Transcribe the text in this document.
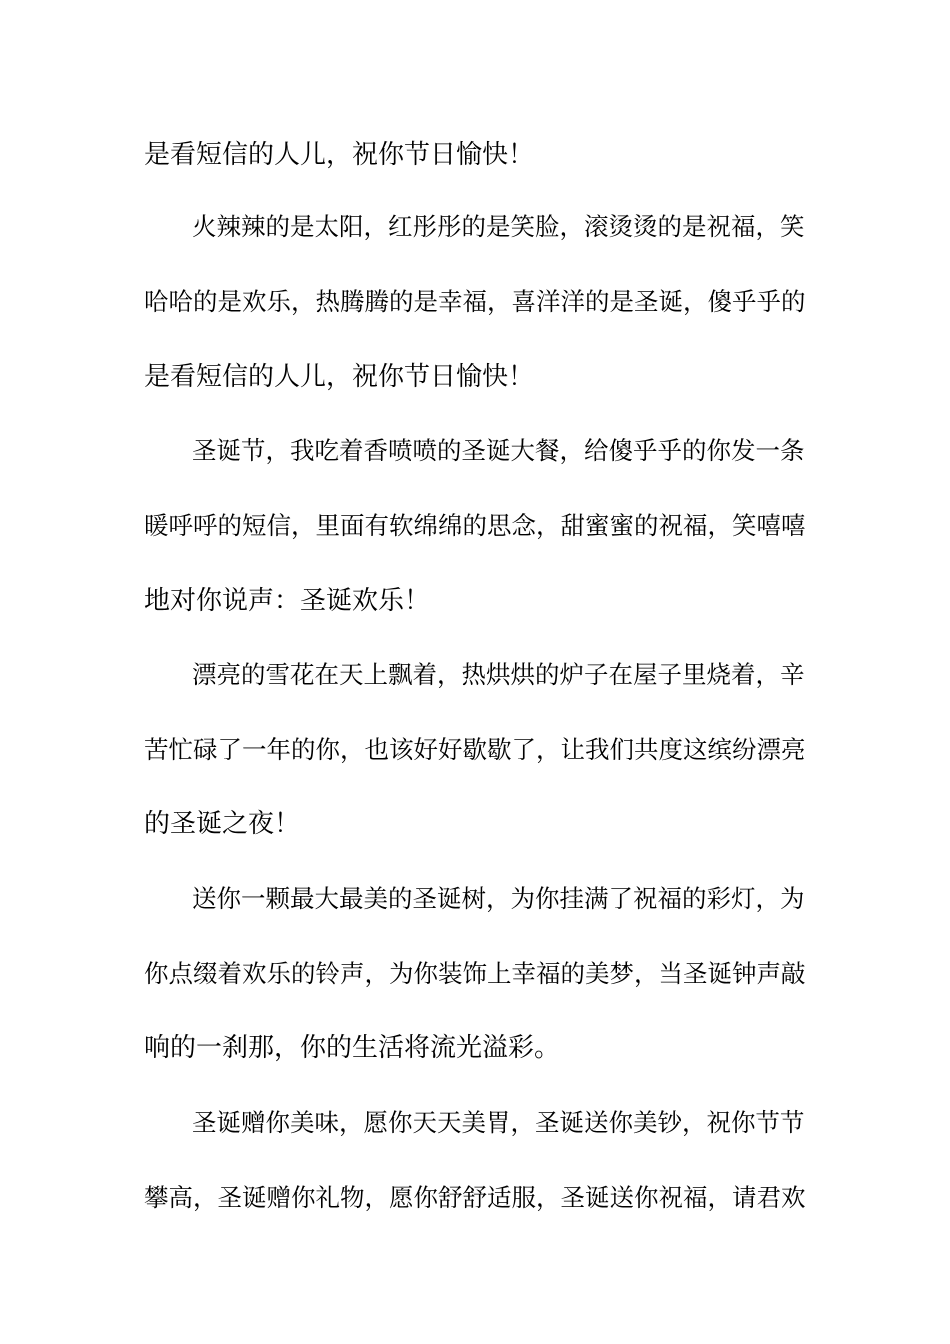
是看短信的人儿，祝你节日愉快！
火辣辣的是太阳，红彤彤的是笑脸，滚烫烫的是祝福，笑
哈哈的是欢乐，热腾腾的是幸福，喜洋洋的是圣诞，傻乎乎的
是看短信的人儿，祝你节日愉快！
圣诞节，我吃着香喷喷的圣诞大餐，给傻乎乎的你发一条
暖呼呼的短信，里面有软绵绵的思念，甜蜜蜜的祝福，笑嘻嘻
地对你说声：圣诞欢乐！
漂亮的雪花在天上飘着，热烘烘的炉子在屋子里烧着，辛
苦忙碌了一年的你，也该好好歇歇了，让我们共度这缤纷漂亮
的圣诞之夜！
送你一颗最大最美的圣诞树，为你挂满了祝福的彩灯，为
你点缀着欢乐的铃声，为你装饰上幸福的美梦，当圣诞钟声敲
响的一刹那，你的生活将流光溢彩。
圣诞赠你美味，愿你天天美胃，圣诞送你美钞，祝你节节
攀高，圣诞赠你礼物，愿你舒舒适服，圣诞送你祝福，请君欢
